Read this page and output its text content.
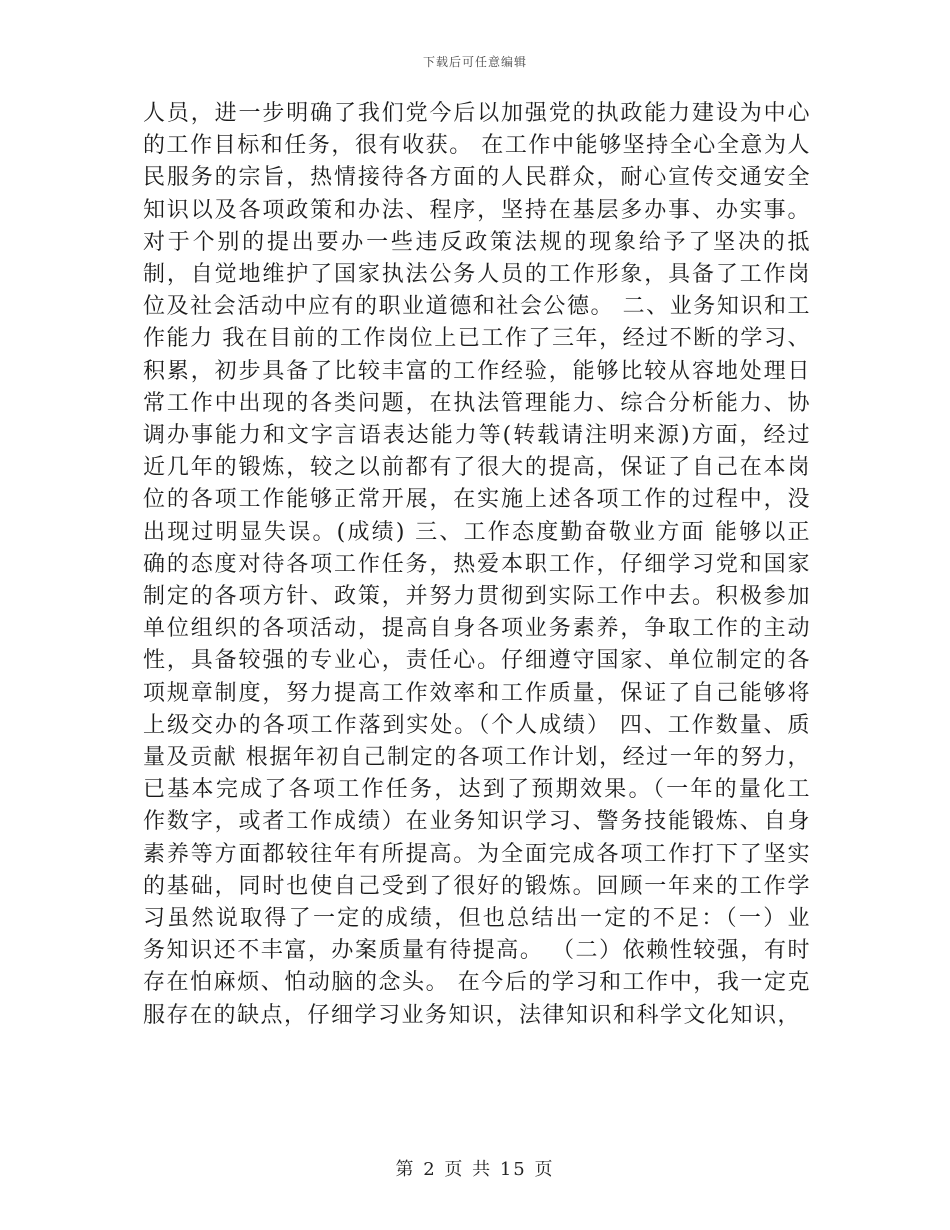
下载后可任意编辑

人员，进一步明确了我们党今后以加强党的执政能力建设为中心的工作目标和任务，很有收获。 在工作中能够坚持全心全意为人民服务的宗旨，热情接待各方面的人民群众，耐心宣传交通安全知识以及各项政策和办法、程序，坚持在基层多办事、办实事。对于个别的提出要办一些违反政策法规的现象给予了坚决的抵制，自觉地维护了国家执法公务人员的工作形象，具备了工作岗位及社会活动中应有的职业道德和社会公德。 二、业务知识和工作能力 我在目前的工作岗位上已工作了三年，经过不断的学习、积累，初步具备了比较丰富的工作经验，能够比较从容地处理日常工作中出现的各类问题，在执法管理能力、综合分析能力、协调办事能力和文字言语表达能力等(转载请注明来源)方面，经过近几年的锻炼，较之以前都有了很大的提高，保证了自己在本岗位的各项工作能够正常开展，在实施上述各项工作的过程中，没出现过明显失误。(成绩) 三、工作态度勤奋敬业方面 能够以正确的态度对待各项工作任务，热爱本职工作，仔细学习党和国家制定的各项方针、政策，并努力贯彻到实际工作中去。积极参加单位组织的各项活动，提高自身各项业务素养，争取工作的主动性，具备较强的专业心，责任心。仔细遵守国家、单位制定的各项规章制度，努力提高工作效率和工作质量，保证了自己能够将上级交办的各项工作落到实处。（个人成绩） 四、工作数量、质量及贡献 根据年初自己制定的各项工作计划，经过一年的努力，已基本完成了各项工作任务，达到了预期效果。（一年的量化工作数字，或者工作成绩）在业务知识学习、警务技能锻炼、自身素养等方面都较往年有所提高。为全面完成各项工作打下了坚实的基础，同时也使自己受到了很好的锻炼。回顾一年来的工作学习虽然说取得了一定的成绩，但也总结出一定的不足：（一）业务知识还不丰富，办案质量有待提高。 （二）依赖性较强，有时存在怕麻烦、怕动脑的念头。 在今后的学习和工作中，我一定克服存在的缺点，仔细学习业务知识，法律知识和科学文化知识，

第 2 页 共 15 页
